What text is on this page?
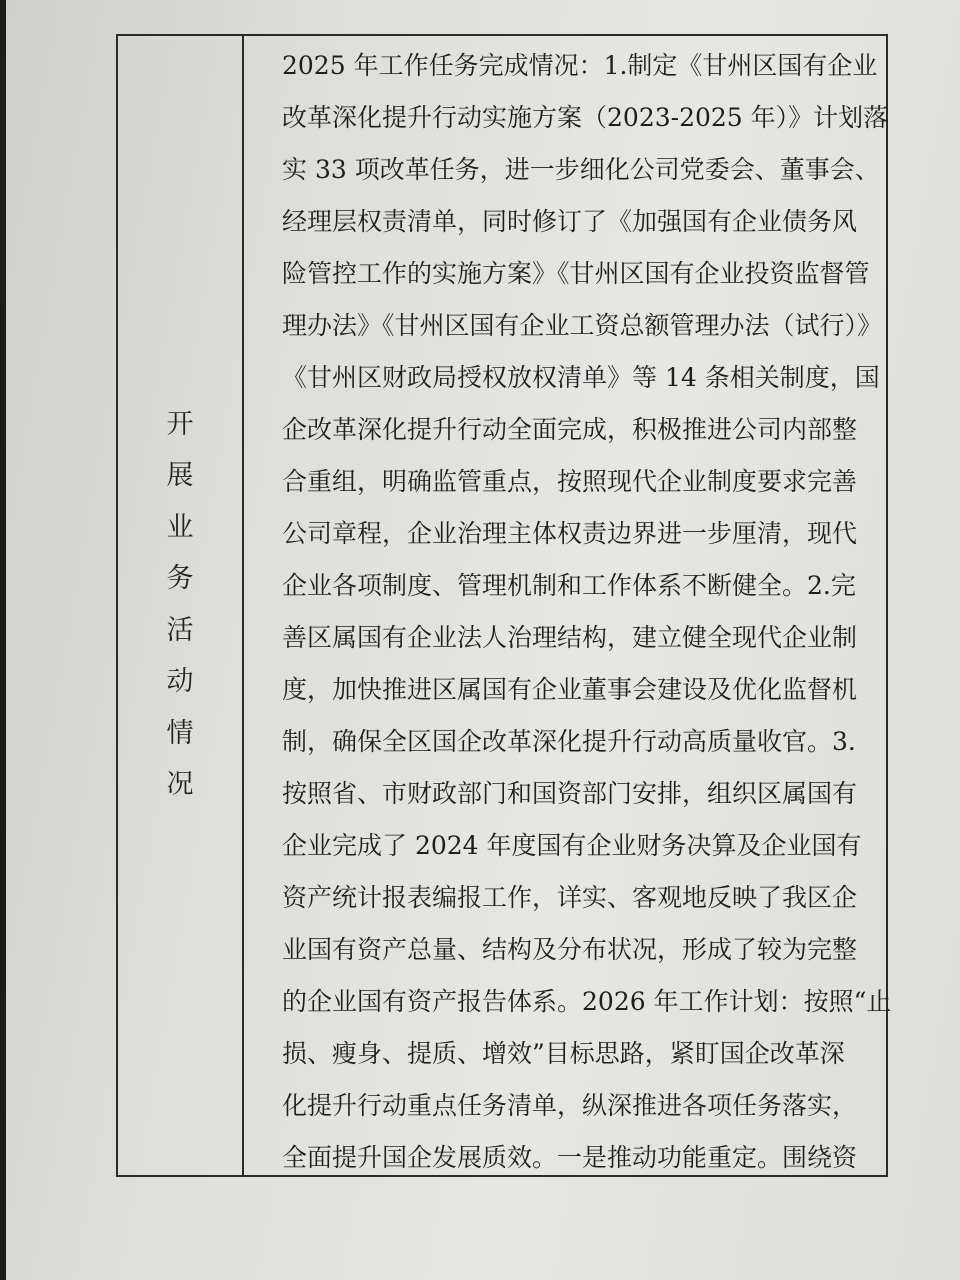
开
展
业
务
活
动
情
况
2025 年工作任务完成情况：1.制定《甘州区国有企业
改革深化提升行动实施方案（2023-2025 年）》计划落
实 33 项改革任务，进一步细化公司党委会、董事会、
经理层权责清单，同时修订了《加强国有企业债务风
险管控工作的实施方案》《甘州区国有企业投资监督管
理办法》《甘州区国有企业工资总额管理办法（试行）》
《甘州区财政局授权放权清单》等 14 条相关制度，国
企改革深化提升行动全面完成，积极推进公司内部整
合重组，明确监管重点，按照现代企业制度要求完善
公司章程，企业治理主体权责边界进一步厘清，现代
企业各项制度、管理机制和工作体系不断健全。2.完
善区属国有企业法人治理结构，建立健全现代企业制
度，加快推进区属国有企业董事会建设及优化监督机
制，确保全区国企改革深化提升行动高质量收官。3.
按照省、市财政部门和国资部门安排，组织区属国有
企业完成了 2024 年度国有企业财务决算及企业国有
资产统计报表编报工作，详实、客观地反映了我区企
业国有资产总量、结构及分布状况，形成了较为完整
的企业国有资产报告体系。2026 年工作计划：按照“止
损、瘦身、提质、增效”目标思路，紧盯国企改革深
化提升行动重点任务清单，纵深推进各项任务落实，
全面提升国企发展质效。一是推动功能重定。围绕资
